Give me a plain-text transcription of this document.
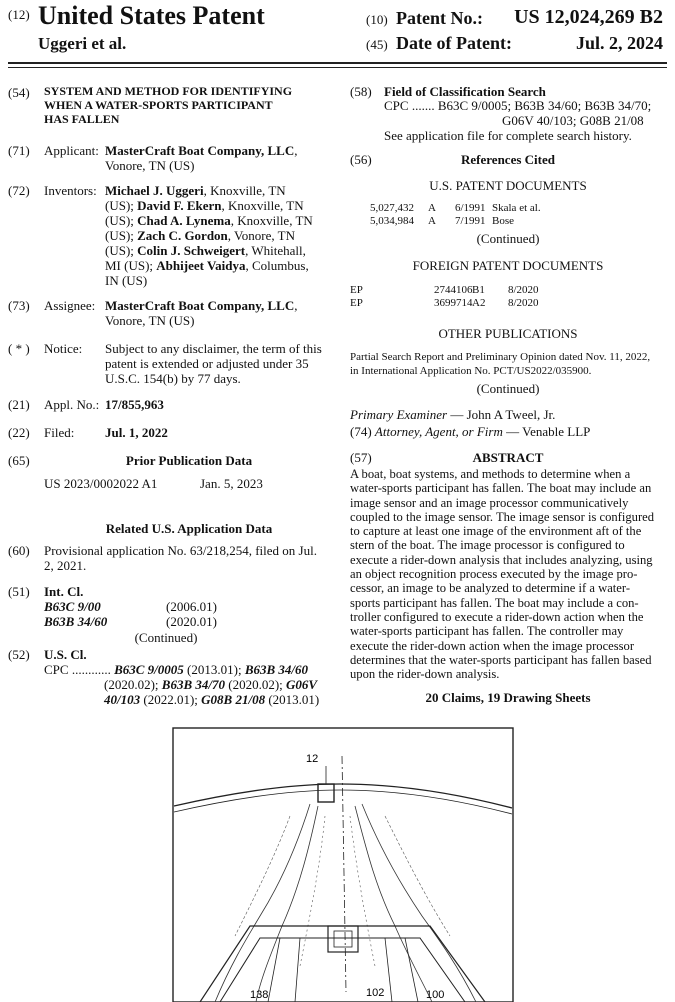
(12) United States Patent
Uggeri et al.
(10) Patent No.: US 12,024,269 B2
(45) Date of Patent:	Jul. 2, 2024
(54) SYSTEM AND METHOD FOR IDENTIFYING
WHEN A WATER-SPORTS PARTICIPANT
HAS FALLEN
(71) Applicant: MasterCraft Boat Company, LLC,
Vonore, TN (US)
(72) Inventors: Michael J. Uggeri, Knoxville, TN
(US); David F. Ekern, Knoxville, TN
(US); Chad A. Lynema, Knoxville, TN
(US); Zach C. Gordon, Vonore, TN
(US); Colin J. Schweigert, Whitehall,
MI (US); Abhijeet Vaidya, Columbus,
IN (US)
(73) Assignee: MasterCraft Boat Company, LLC,
Vonore, TN (US)
( * ) Notice: Subject to any disclaimer, the term of this
patent is extended or adjusted under 35
U.S.C. 154(b) by 77 days.
(21) Appl. No.: 17/855,963
(22) Filed: Jul. 1, 2022
(65)	Prior Publication Data
US 2023/0002022 A1	Jan. 5, 2023
Related U.S. Application Data
(60) Provisional application No. 63/218,254, filed on Jul.
2, 2021.
(51) Int. Cl.
B63C 9/00	(2006.01)
B63B 34/60	(2020.01)
(Continued)
(52) U.S. Cl.
CPC ............ B63C 9/0005 (2013.01); B63B 34/60
(2020.02); B63B 34/70 (2020.02); G06V
40/103 (2022.01); G08B 21/08 (2013.01)
(58) Field of Classification Search
CPC ....... B63C 9/0005; B63B 34/60; B63B 34/70;
G06V 40/103; G08B 21/08
See application file for complete search history.
(56)	References Cited
U.S. PATENT DOCUMENTS
5,027,432	A	6/1991 Skala et al.
5,034,984	A	7/1991 Bose
(Continued)
FOREIGN PATENT DOCUMENTS
EP	2744106 B1	8/2020
EP	3699714 A2	8/2020
OTHER PUBLICATIONS
Partial Search Report and Preliminary Opinion dated Nov. 11, 2022,
in International Application No. PCT/US2022/035900.
(Continued)
Primary Examiner — John A Tweel, Jr.
(74) Attorney, Agent, or Firm — Venable LLP
(57)	ABSTRACT
A boat, boat systems, and methods to determine when a
water-sports participant has fallen. The boat may include an
image sensor and an image processor communicatively
coupled to the image sensor. The image sensor is configured
to capture at least one image of the environment aft of the
stern of the boat. The image processor is configured to
execute a rider-down analysis that includes analyzing, using
an object recognition process executed by the image pro-
cessor, an image to be analyzed to determine if a water-
sports participant has fallen. The boat may include a con-
troller configured to execute a rider-down action when the
water-sports participant has fallen. The controller may
execute the rider-down action when the image processor
determines that the water-sports participant has fallen based
upon the rider-down analysis.
20 Claims, 19 Drawing Sheets
12
138	102	100
